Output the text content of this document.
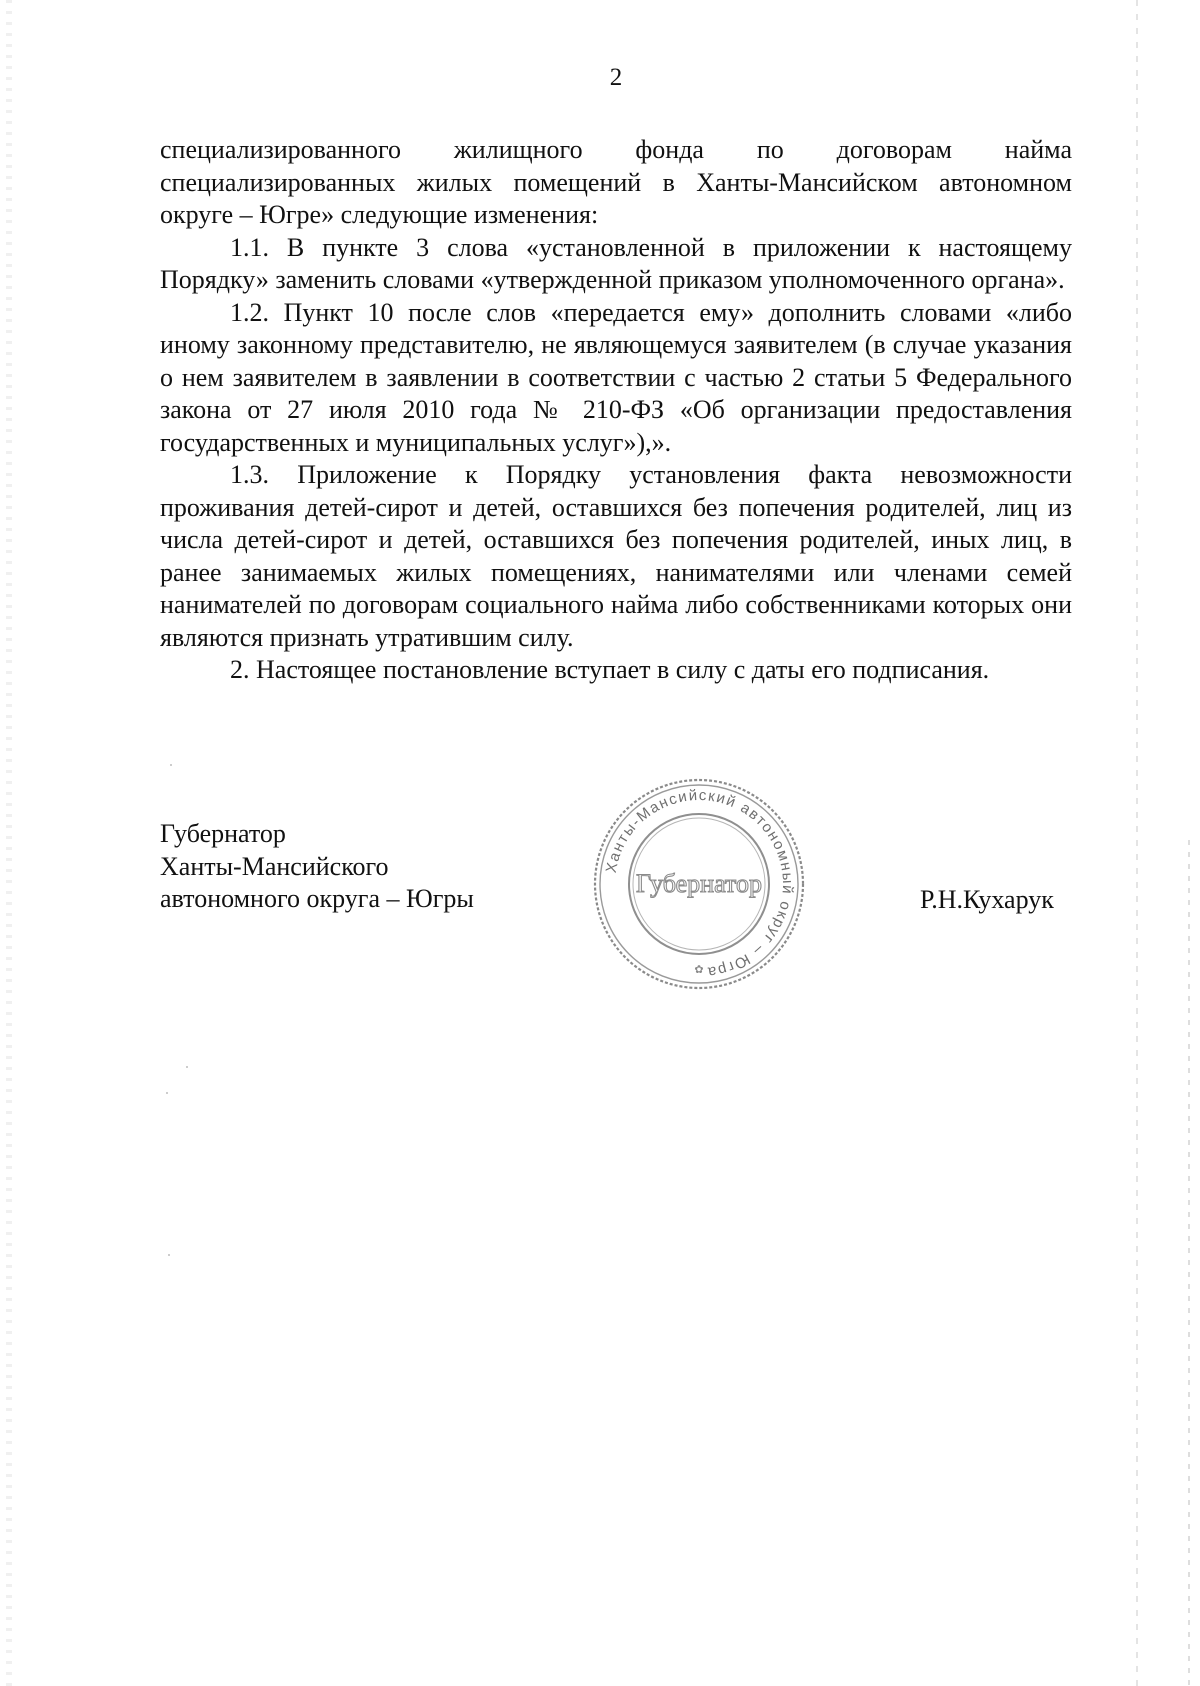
2

специализированного жилищного фонда по договорам найма
специализированных жилых помещений в Ханты-Мансийском автономном округе – Югре» следующие изменения:

1.1. В пункте 3 слова «установленной в приложении к настоящему Порядку» заменить словами «утвержденной приказом уполномоченного органа».

1.2. Пункт 10 после слов «передается ему» дополнить словами «либо иному законному представителю, не являющемуся заявителем (в случае указания о нем заявителем в заявлении в соответствии с частью 2 статьи 5 Федерального закона от 27 июля 2010 года № 210-ФЗ «Об организации предоставления государственных и муниципальных услуг»),».

1.3. Приложение к Порядку установления факта невозможности проживания детей-сирот и детей, оставшихся без попечения родителей, лиц из числа детей-сирот и детей, оставшихся без попечения родителей, иных лиц, в ранее занимаемых жилых помещениях, нанимателями или членами семей нанимателей по договорам социального найма либо собственниками которых они являются признать утратившим силу.

2. Настоящее постановление вступает в силу с даты его подписания.

Губернатор
Ханты-Мансийского
автономного округа – Югры	Р.Н.Кухарук
Ханты-Мансийский автономный округ – Югра
Губернатор
✿
